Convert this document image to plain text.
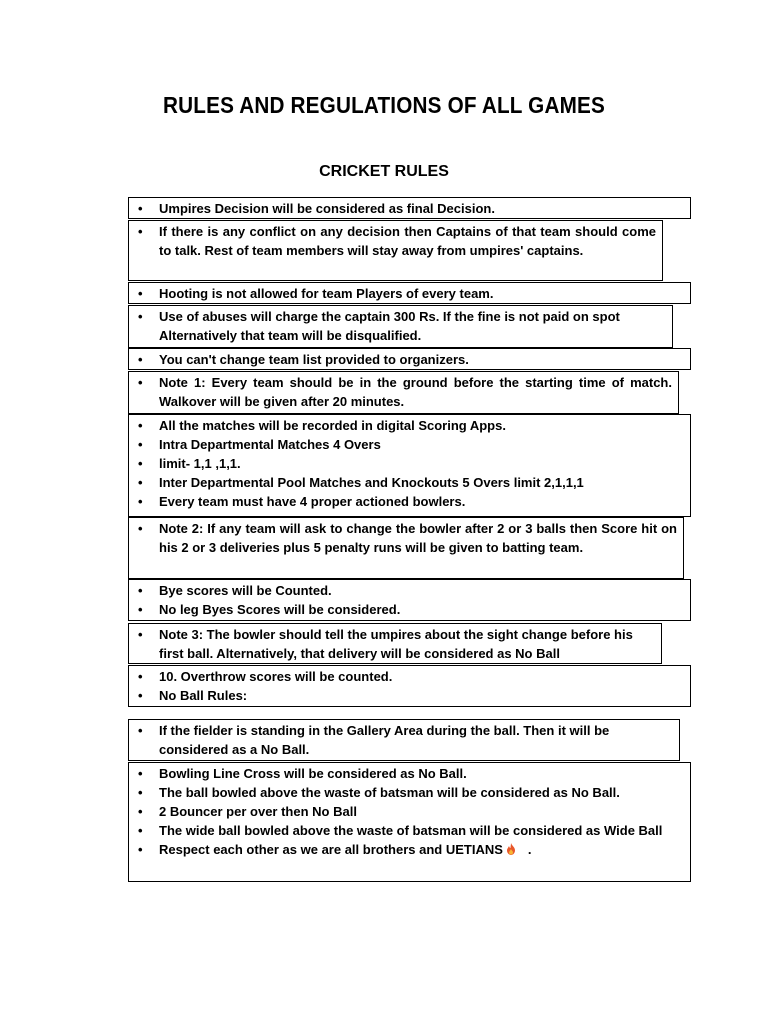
RULES AND REGULATIONS OF ALL GAMES
CRICKET RULES
• Umpires Decision will be considered as final Decision.
• If there is any conflict on any decision then Captains of that team should come to talk. Rest of team members will stay away from umpires' captains.
• Hooting is not allowed for team Players of every team.
• Use of abuses will charge the captain 300 Rs. If the fine is not paid on spot Alternatively that team will be disqualified.
• You can't change team list provided to organizers.
• Note 1: Every team should be in the ground before the starting time of match. Walkover will be given after 20 minutes.
• All the matches will be recorded in digital Scoring Apps.
• Intra Departmental Matches 4 Overs
• limit- 1,1 ,1,1.
• Inter Departmental Pool Matches and Knockouts 5 Overs limit 2,1,1,1
• Every team must have 4 proper actioned bowlers.
• Note 2: If any team will ask to change the bowler after 2 or 3 balls then Score hit on his 2 or 3 deliveries plus 5 penalty runs will be given to batting team.
• Bye scores will be Counted.
• No leg Byes Scores will be considered.
• Note 3: The bowler should tell the umpires about the sight change before his first ball. Alternatively, that delivery will be considered as No Ball
• 10. Overthrow scores will be counted.
• No Ball Rules:
• If the fielder is standing in the Gallery Area during the ball. Then it will be considered as a No Ball.
• Bowling Line Cross will be considered as No Ball.
• The ball bowled above the waste of batsman will be considered as No Ball.
• 2 Bouncer per over then No Ball
• The wide ball bowled above the waste of batsman will be considered as Wide Ball
• Respect each other as we are all brothers and UETIANS .
